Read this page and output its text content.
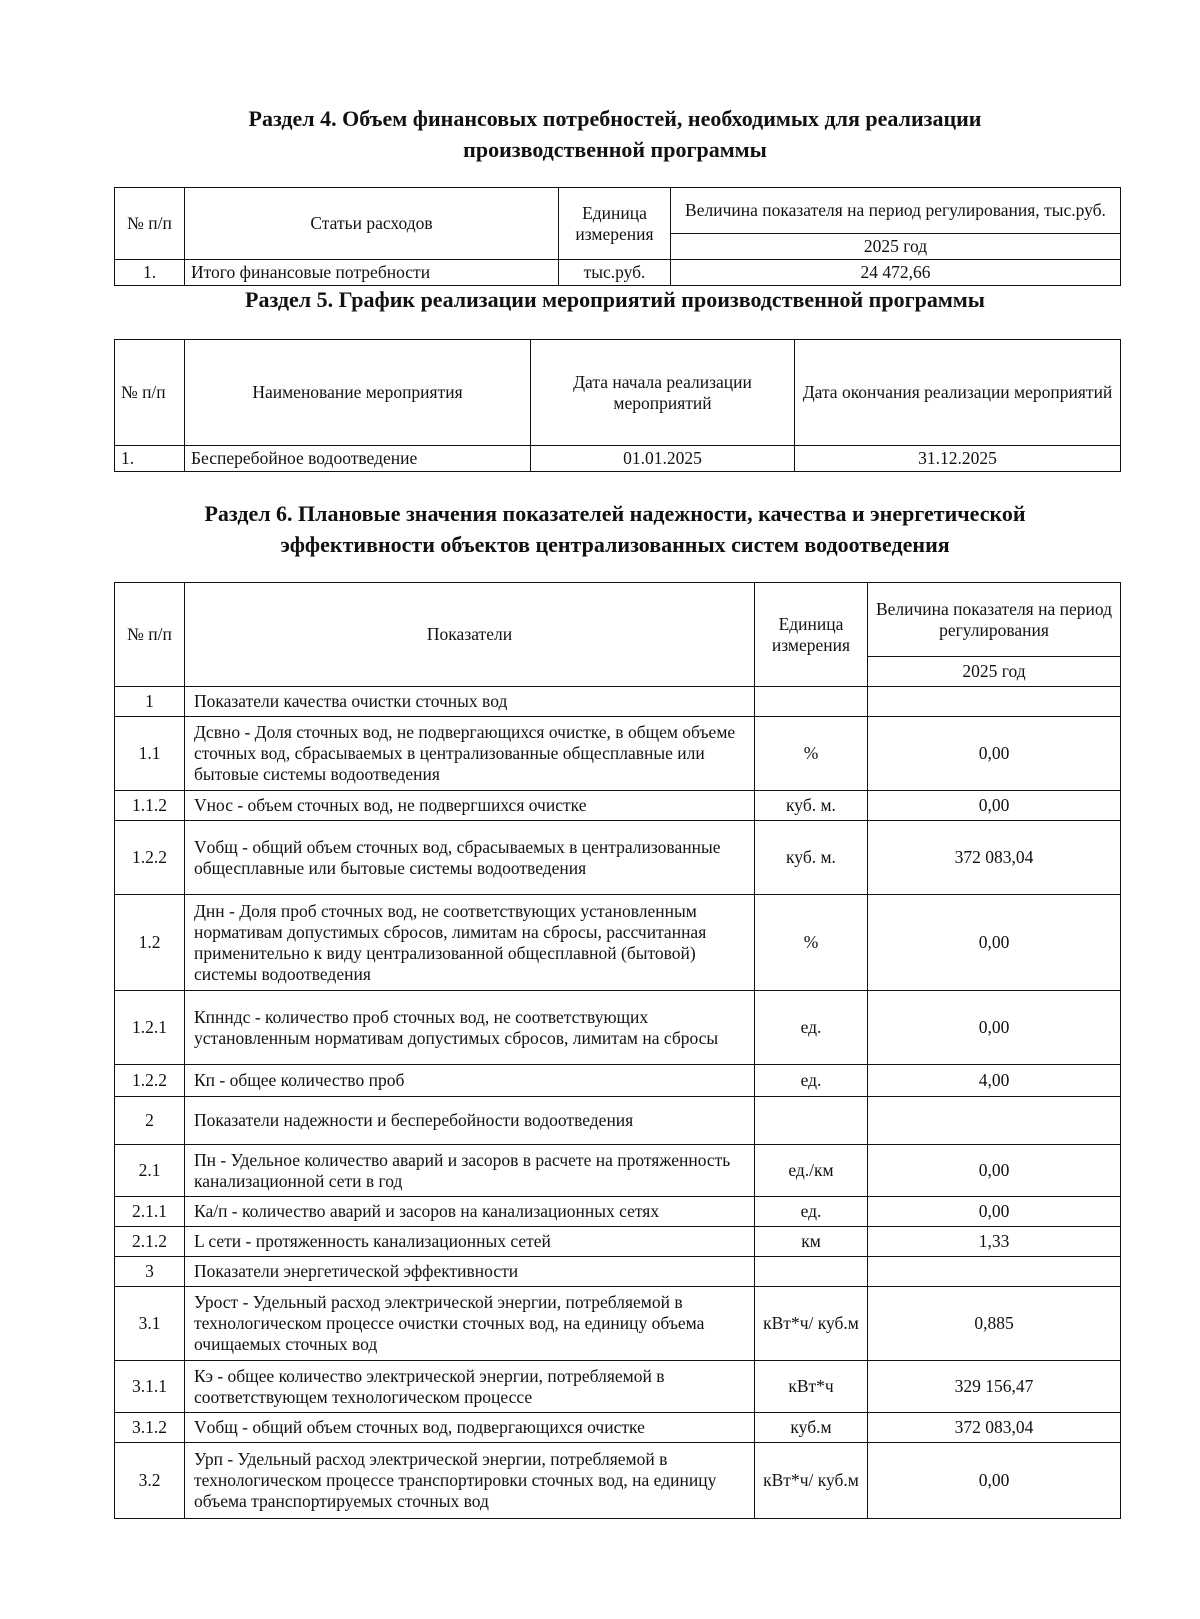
Раздел 4. Объем финансовых потребностей, необходимых для реализации
производственной программы
№ п/п	Статьи расходов	Единица измерения	Величина показателя на период регулирования, тыс.руб.
			2025 год
1.	Итого финансовые потребности	тыс.руб.	24 472,66
Раздел 5. График реализации мероприятий производственной программы
№ п/п	Наименование мероприятия	Дата начала реализации мероприятий	Дата окончания реализации мероприятий
1.	Бесперебойное водоотведение	01.01.2025	31.12.2025
Раздел 6. Плановые значения показателей надежности, качества и энергетической
эффективности объектов централизованных систем водоотведения
№ п/п	Показатели	Единица измерения	Величина показателя на период регулирования
			2025 год
1	Показатели качества очистки сточных вод		
1.1	Дсвно - Доля сточных вод, не подвергающихся очистке, в общем объеме сточных вод, сбрасываемых в централизованные общесплавные или бытовые системы водоотведения	%	0,00
1.1.2	Vнос - объем сточных вод, не подвергшихся очистке	куб. м.	0,00
1.2.2	Vобщ - общий объем сточных вод, сбрасываемых в централизованные общесплавные или бытовые системы водоотведения	куб. м.	372 083,04
1.2	Днн - Доля проб сточных вод, не соответствующих установленным нормативам допустимых сбросов, лимитам на сбросы, рассчитанная применительно к виду централизованной общесплавной (бытовой) системы водоотведения	%	0,00
1.2.1	Кпнндс - количество проб сточных вод, не соответствующих установленным нормативам допустимых сбросов, лимитам на сбросы	ед.	0,00
1.2.2	Кп - общее количество проб	ед.	4,00
2	Показатели надежности и бесперебойности водоотведения		
2.1	Пн - Удельное количество аварий и засоров в расчете на протяженность канализационной сети в год	ед./км	0,00
2.1.1	Ка/п - количество аварий и засоров на канализационных сетях	ед.	0,00
2.1.2	L сети - протяженность канализационных сетей	км	1,33
3	Показатели энергетической эффективности		
3.1	Урост - Удельный расход электрической энергии, потребляемой в технологическом процессе очистки сточных вод, на единицу объема очищаемых сточных вод	кВт*ч/ куб.м	0,885
3.1.1	Кэ - общее количество электрической энергии, потребляемой в соответствующем технологическом процессе	кВт*ч	329 156,47
3.1.2	Vобщ - общий объем сточных вод, подвергающихся очистке	куб.м	372 083,04
3.2	Урп - Удельный расход электрической энергии, потребляемой в технологическом процессе транспортировки сточных вод, на единицу объема транспортируемых сточных вод	кВт*ч/ куб.м	0,00
